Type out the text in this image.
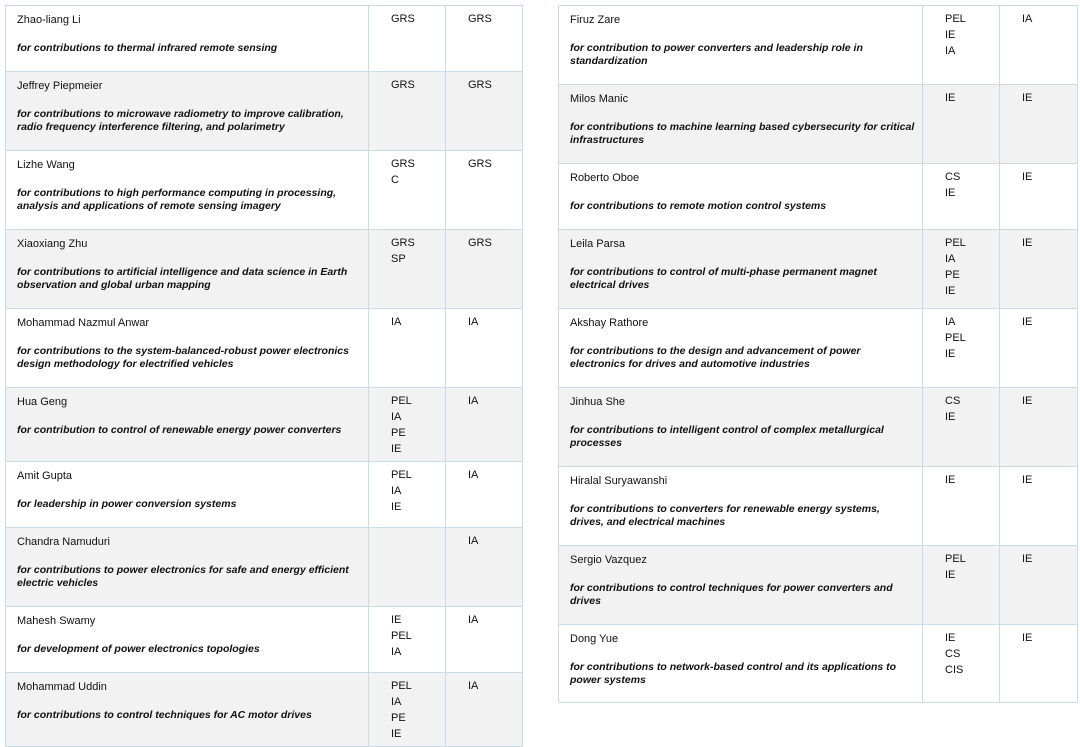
Zhao-liang Li
for contributions to thermal infrared remote sensing	GRS	GRS

Jeffrey Piepmeier
for contributions to microwave radiometry to improve calibration, radio frequency interference filtering, and polarimetry	GRS	GRS

Lizhe Wang
for contributions to high performance computing in processing, analysis and applications of remote sensing imagery	GRS
C	GRS

Xiaoxiang Zhu
for contributions to artificial intelligence and data science in Earth observation and global urban mapping	GRS
SP	GRS

Mohammad Nazmul Anwar
for contributions to the system-balanced-robust power electronics design methodology for electrified vehicles	IA	IA

Hua Geng
for contribution to control of renewable energy power converters	PEL
IA
PE
IE	IA

Amit Gupta
for leadership in power conversion systems	PEL
IA
IE	IA

Chandra Namuduri
for contributions to power electronics for safe and energy efficient electric vehicles		IA

Mahesh Swamy
for development of power electronics topologies	IE
PEL
IA	IA

Mohammad Uddin
for contributions to control techniques for AC motor drives	PEL
IA
PE
IE	IA
Firuz Zare
for contribution to power converters and leadership role in standardization	PEL
IE
IA	IA

Milos Manic
for contributions to machine learning based cybersecurity for critical infrastructures	IE	IE

Roberto Oboe
for contributions to remote motion control systems	CS
IE	IE

Leila Parsa
for contributions to control of multi-phase permanent magnet electrical drives	PEL
IA
PE
IE	IE

Akshay Rathore
for contributions to the design and advancement of power electronics for drives and automotive industries	IA
PEL
IE	IE

Jinhua She
for contributions to intelligent control of complex metallurgical processes	CS
IE	IE

Hiralal Suryawanshi
for contributions to converters for renewable energy systems, drives, and electrical machines	IE	IE

Sergio Vazquez
for contributions to control techniques for power converters and drives	PEL
IE	IE

Dong Yue
for contributions to network-based control and its applications to power systems	IE
CS
CIS	IE
